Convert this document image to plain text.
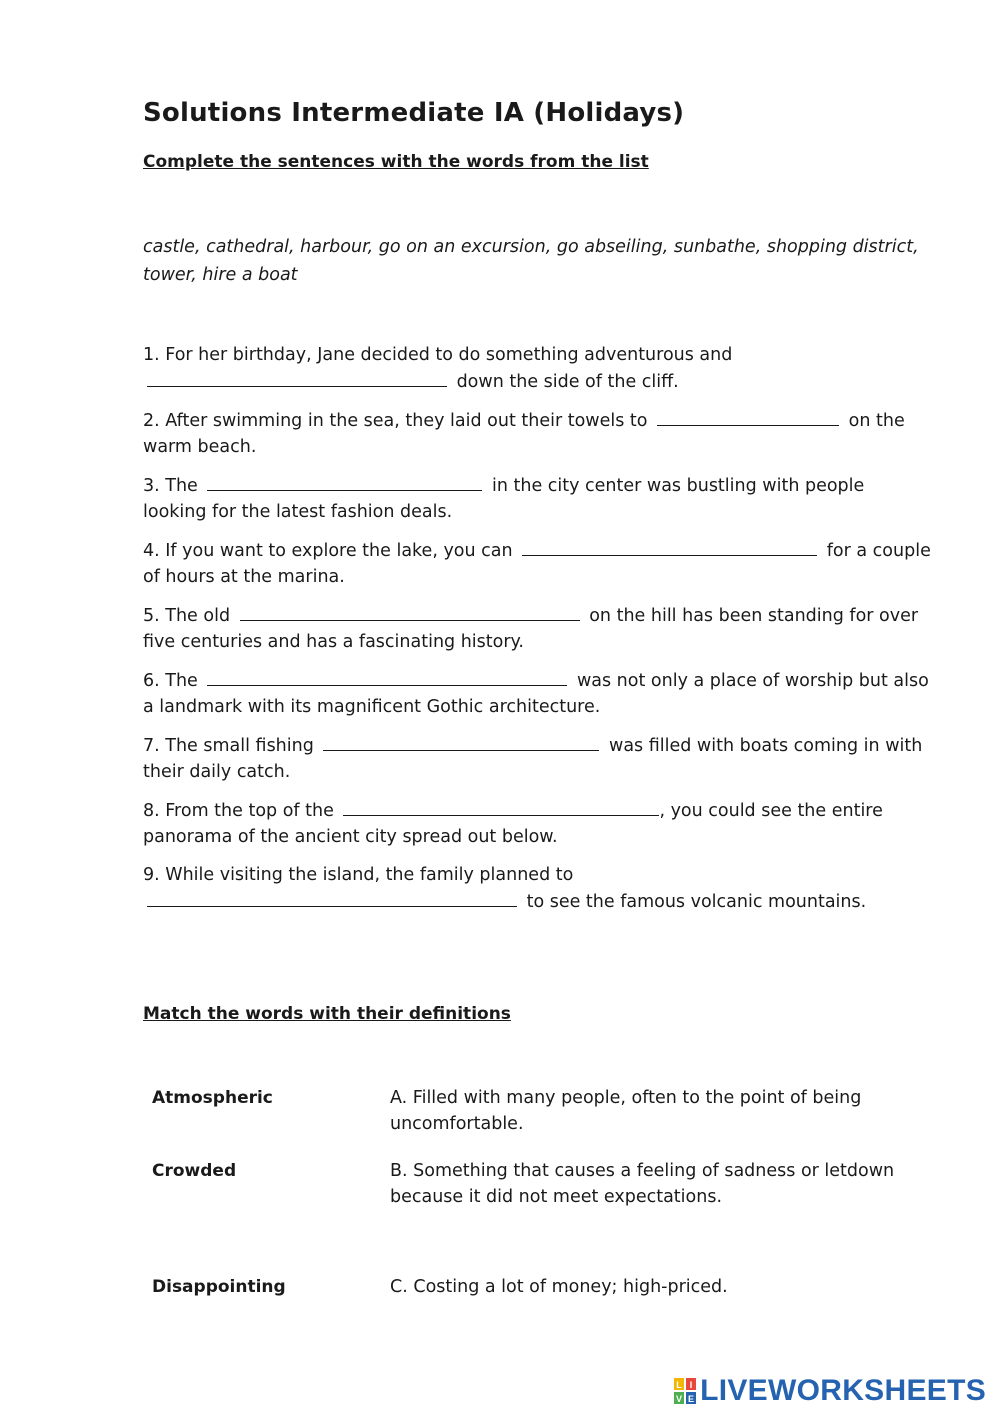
Solutions Intermediate IA (Holidays)
Complete the sentences with the words from the list

castle, cathedral, harbour, go on an excursion, go abseiling, sunbathe, shopping district, tower, hire a boat

1. For her birthday, Jane decided to do something adventurous and  down the side of the cliff.
2. After swimming in the sea, they laid out their towels to	on the warm beach.
3. The	in the city center was bustling with people looking for the latest fashion deals.
4. If you want to explore the lake, you can	for a couple of hours at the marina.
5. The old	on the hill has been standing for over five centuries and has a fascinating history.
6. The	was not only a place of worship but also a landmark with its magnificent Gothic architecture.
7. The small fishing	was filled with boats coming in with their daily catch.
8. From the top of the	, you could see the entire panorama of the ancient city spread out below.
9. While visiting the island, the family planned to  to see the famous volcanic mountains.
Match the words with their definitions
Atmospheric	A. Filled with many people, often to the point of being uncomfortable.
Crowded	B. Something that causes a feeling of sadness or letdown because it did not meet expectations.
Disappointing	C. Costing a lot of money; high-priced.
L I
V E LIVEWORKSHEETS
